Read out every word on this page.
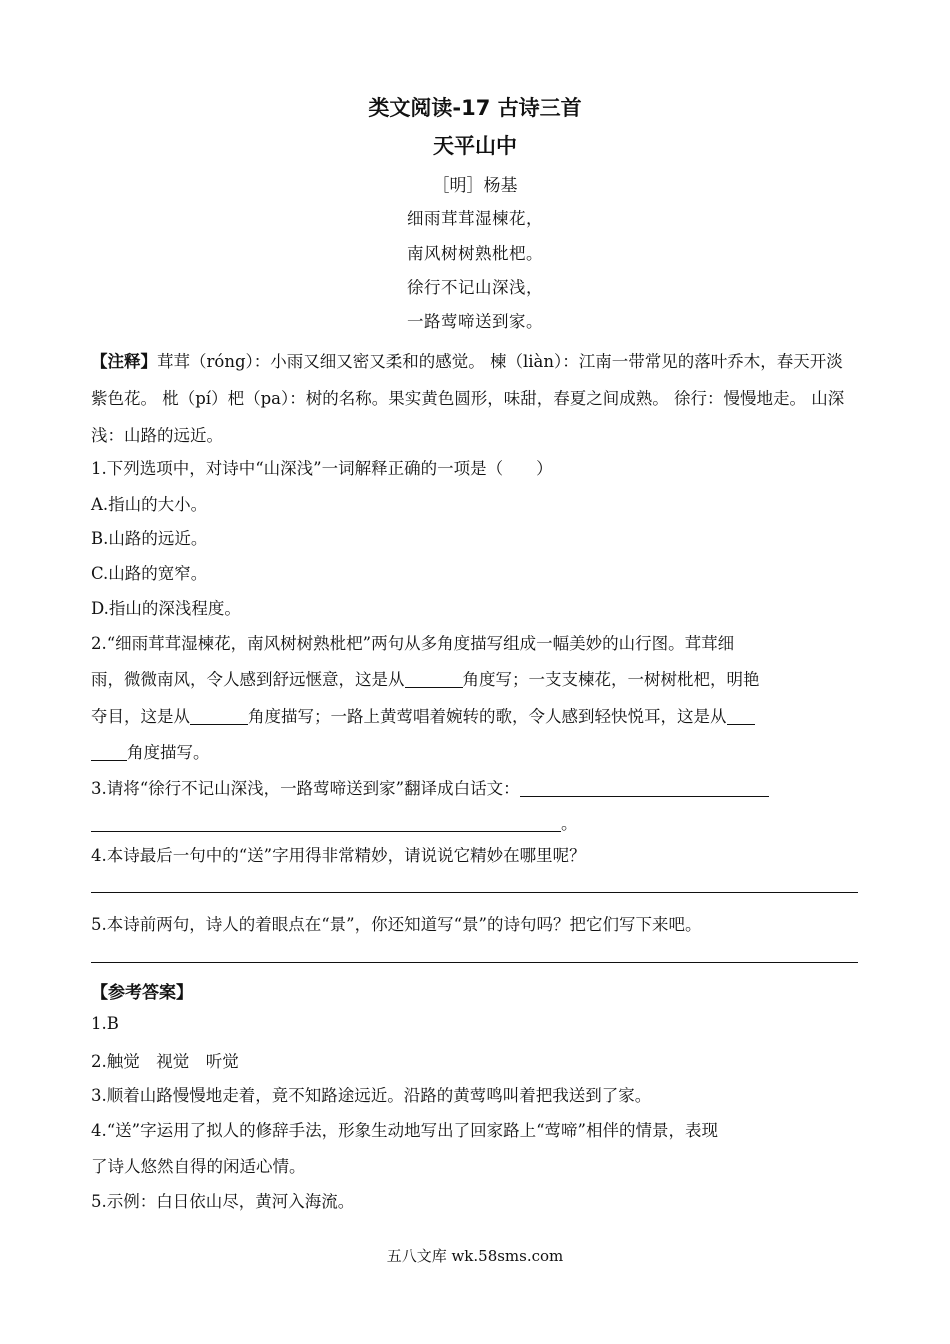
类文阅读-17 古诗三首
天平山中
［明］杨基
细雨茸茸湿楝花，
南风树树熟枇杷。
徐行不记山深浅，
一路莺啼送到家。
【注释】茸茸（róng）：小雨又细又密又柔和的感觉。 楝（liàn）：江南一带常见的落叶乔木，春天开淡紫色花。 枇（pí）杷（pa）：树的名称。果实黄色圆形，味甜，春夏之间成熟。 徐行：慢慢地走。 山深浅：山路的远近。
1.下列选项中，对诗中“山深浅”一词解释正确的一项是（　　）
A.指山的大小。
B.山路的远近。
C.山路的宽窄。
D.指山的深浅程度。
2.“细雨茸茸湿楝花，南风树树熟枇杷”两句从多角度描写组成一幅美妙的山行图。茸茸细
雨，微微南风，令人感到舒远惬意，这是从	角度写；一支支楝花，一树树枇杷，明艳
夺目，这是从	角度描写；一路上黄莺唱着婉转的歌，令人感到轻快悦耳，这是从
角度描写。
3.请将“徐行不记山深浅，一路莺啼送到家”翻译成白话文：
。
4.本诗最后一句中的“送”字用得非常精妙，请说说它精妙在哪里呢？
5.本诗前两句，诗人的着眼点在“景”，你还知道写“景”的诗句吗？把它们写下来吧。
【参考答案】
1.B
2.触觉　视觉　听觉
3.顺着山路慢慢地走着，竟不知路途远近。沿路的黄莺鸣叫着把我送到了家。
4.“送”字运用了拟人的修辞手法，形象生动地写出了回家路上“莺啼”相伴的情景，表现
了诗人悠然自得的闲适心情。
5.示例：白日依山尽，黄河入海流。
五八文库 wk.58sms.com
